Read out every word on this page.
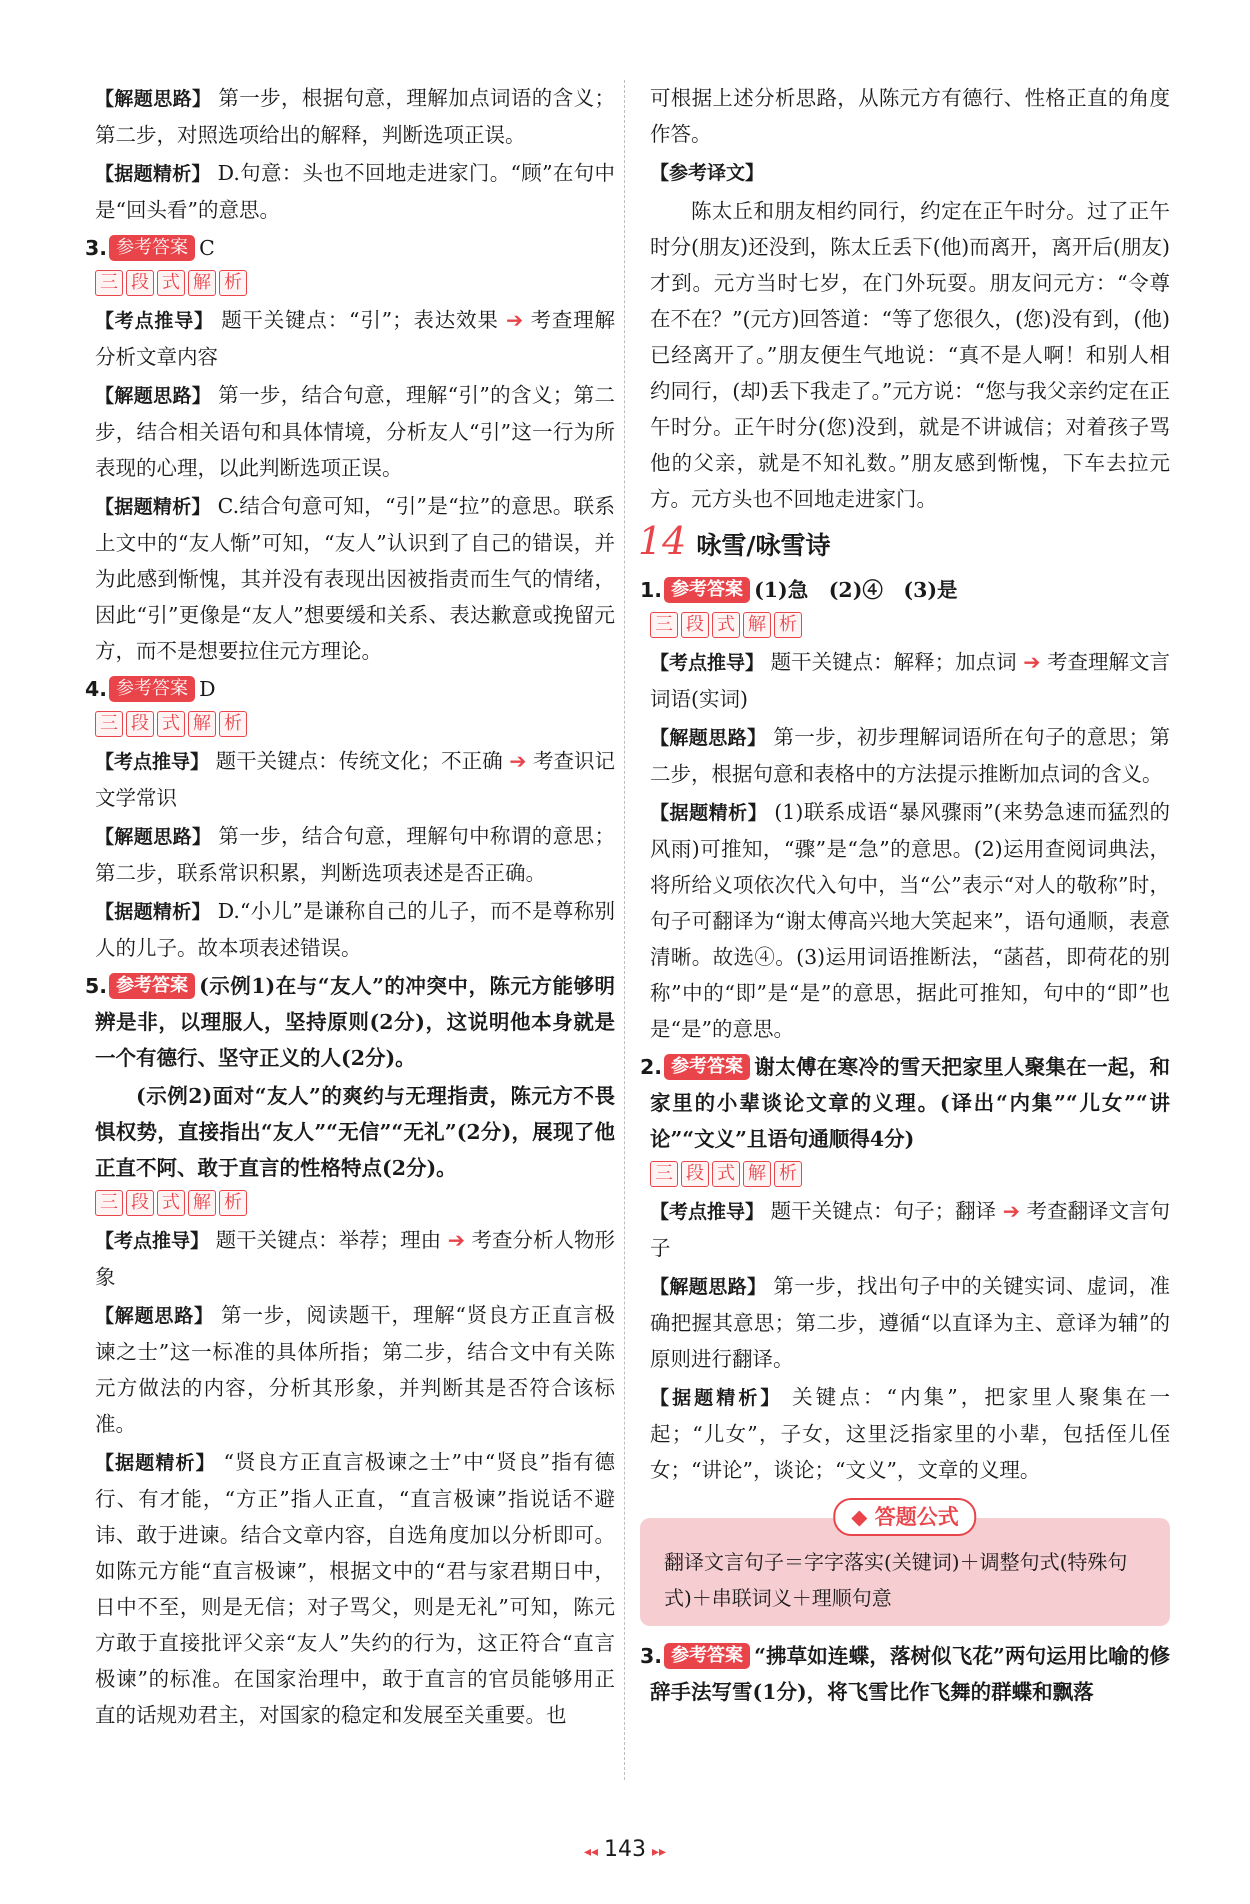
【解题思路】 第一步，根据句意，理解加点词语的含义；第二步，对照选项给出的解释，判断选项正误。

【据题精析】 D.句意：头也不回地走进家门。“顾”在句中是“回头看”的意思。

3. 参考答案 C

三 段 式 解 析

【考点推导】 题干关键点：“引”；表达效果 ➔ 考查理解分析文章内容

【解题思路】 第一步，结合句意，理解“引”的含义；第二步，结合相关语句和具体情境，分析友人“引”这一行为所表现的心理，以此判断选项正误。

【据题精析】 C.结合句意可知，“引”是“拉”的意思。联系上文中的“友人惭”可知，“友人”认识到了自己的错误，并为此感到惭愧，其并没有表现出因被指责而生气的情绪，因此“引”更像是“友人”想要缓和关系、表达歉意或挽留元方，而不是想要拉住元方理论。

4. 参考答案 D

三 段 式 解 析

【考点推导】 题干关键点：传统文化；不正确 ➔ 考查识记文学常识

【解题思路】 第一步，结合句意，理解句中称谓的意思；第二步，联系常识积累，判断选项表述是否正确。

【据题精析】 D.“小儿”是谦称自己的儿子，而不是尊称别人的儿子。故本项表述错误。

5. 参考答案 (示例1)在与“友人”的冲突中，陈元方能够明辨是非，以理服人，坚持原则(2分)，这说明他本身就是一个有德行、坚守正义的人(2分)。

(示例2)面对“友人”的爽约与无理指责，陈元方不畏惧权势，直接指出“友人”“无信”“无礼”(2分)，展现了他正直不阿、敢于直言的性格特点(2分)。

三 段 式 解 析

【考点推导】 题干关键点：举荐；理由 ➔ 考查分析人物形象

【解题思路】 第一步，阅读题干，理解“贤良方正直言极谏之士”这一标准的具体所指；第二步，结合文中有关陈元方做法的内容，分析其形象，并判断其是否符合该标准。

【据题精析】 “贤良方正直言极谏之士”中“贤良”指有德行、有才能，“方正”指人正直，“直言极谏”指说话不避讳、敢于进谏。结合文章内容，自选角度加以分析即可。如陈元方能“直言极谏”，根据文中的“君与家君期日中，日中不至，则是无信；对子骂父，则是无礼”可知，陈元方敢于直接批评父亲“友人”失约的行为，这正符合“直言极谏”的标准。在国家治理中，敢于直言的官员能够用正直的话规劝君主，对国家的稳定和发展至关重要。也

可根据上述分析思路，从陈元方有德行、性格正直的角度作答。

【参考译文】

陈太丘和朋友相约同行，约定在正午时分。过了正午时分(朋友)还没到，陈太丘丢下(他)而离开，离开后(朋友)才到。元方当时七岁，在门外玩耍。朋友问元方：“令尊在不在？”(元方)回答道：“等了您很久，(您)没有到，(他)已经离开了。”朋友便生气地说：“真不是人啊！和别人相约同行，(却)丢下我走了。”元方说：“您与我父亲约定在正午时分。正午时分(您)没到，就是不讲诚信；对着孩子骂他的父亲，就是不知礼数。”朋友感到惭愧，下车去拉元方。元方头也不回地走进家门。

14 咏雪/咏雪诗

1. 参考答案 (1)急　(2)④　(3)是

三 段 式 解 析

【考点推导】 题干关键点：解释；加点词 ➔ 考查理解文言词语(实词)

【解题思路】 第一步，初步理解词语所在句子的意思；第二步，根据句意和表格中的方法提示推断加点词的含义。

【据题精析】 (1)联系成语“暴风骤雨”(来势急速而猛烈的风雨)可推知，“骤”是“急”的意思。(2)运用查阅词典法，将所给义项依次代入句中，当“公”表示“对人的敬称”时，句子可翻译为“谢太傅高兴地大笑起来”，语句通顺，表意清晰。故选④。(3)运用词语推断法，“菡萏，即荷花的别称”中的“即”是“是”的意思，据此可推知，句中的“即”也是“是”的意思。

2. 参考答案 谢太傅在寒冷的雪天把家里人聚集在一起，和家里的小辈谈论文章的义理。(译出“内集”“儿女”“讲论”“文义”且语句通顺得4分)

三 段 式 解 析

【考点推导】 题干关键点：句子；翻译 ➔ 考查翻译文言句子

【解题思路】 第一步，找出句子中的关键实词、虚词，准确把握其意思；第二步，遵循“以直译为主、意译为辅”的原则进行翻译。

【据题精析】 关键点：“内集”，把家里人聚集在一起；“儿女”，子女，这里泛指家里的小辈，包括侄儿侄女；“讲论”，谈论；“文义”，文章的义理。

◆ 答题公式
翻译文言句子＝字字落实(关键词)＋调整句式(特殊句式)＋串联词义＋理顺句意

3. 参考答案 “拂草如连蝶，落树似飞花”两句运用比喻的修辞手法写雪(1分)，将飞雪比作飞舞的群蝶和飘落

◂◂ 143 ▸▸
